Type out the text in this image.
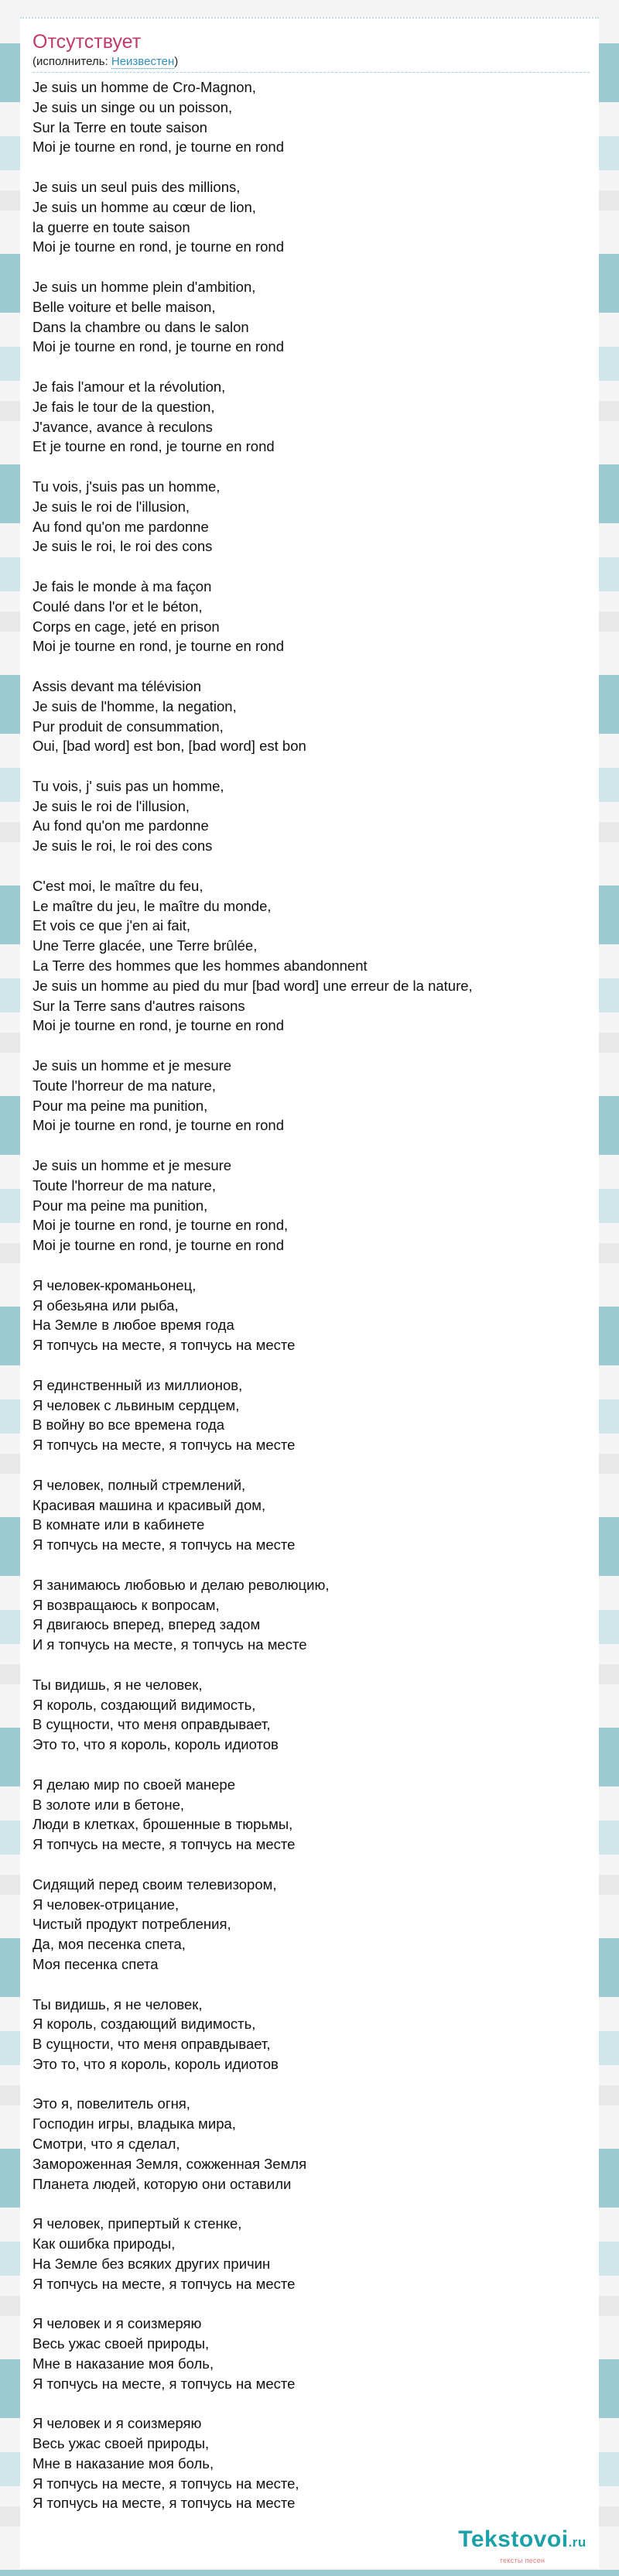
Отсутствует
(исполнитель: Неизвестен)
Je suis un homme de Cro-Magnon,
Je suis un singe ou un poisson,
Sur la Terre en toute saison
Moi je tourne en rond, je tourne en rond
Je suis un seul puis des millions,
Je suis un homme au cœur de lion,
la guerre en toute saison
Moi je tourne en rond, je tourne en rond
Je suis un homme plein d'ambition,
Belle voiture et belle maison,
Dans la chambre ou dans le salon
Moi je tourne en rond, je tourne en rond
Je fais l'amour et la révolution,
Je fais le tour de la question,
J'avance, avance à reculons
Et je tourne en rond, je tourne en rond
Tu vois, j'suis pas un homme,
Je suis le roi de l'illusion,
Au fond qu'on me pardonne
Je suis le roi, le roi des cons
Je fais le monde à ma façon
Coulé dans l'or et le béton,
Corps en cage, jeté en prison
Moi je tourne en rond, je tourne en rond
Assis devant ma télévision
Je suis de l'homme, la negation,
Pur produit de consummation,
Oui, [bad word] est bon, [bad word] est bon
Tu vois, j' suis pas un homme,
Je suis le roi de l'illusion,
Au fond qu'on me pardonne
Je suis le roi, le roi des cons
C'est moi, le maître du feu,
Le maître du jeu, le maître du monde,
Et vois ce que j'en ai fait,
Une Terre glacée, une Terre brûlée,
La Terre des hommes que les hommes abandonnent
Je suis un homme au pied du mur [bad word] une erreur de la nature,
Sur la Terre sans d'autres raisons
Moi je tourne en rond, je tourne en rond
Je suis un homme et je mesure
Toute l'horreur de ma nature,
Pour ma peine ma punition,
Moi je tourne en rond, je tourne en rond
Je suis un homme et je mesure
Toute l'horreur de ma nature,
Pour ma peine ma punition,
Moi je tourne en rond, je tourne en rond,
Moi je tourne en rond, je tourne en rond
Я человек-кроманьонец,
Я обезьяна или рыба,
На Земле в любое время года
Я топчусь на месте, я топчусь на месте
Я единственный из миллионов,
Я человек с львиным сердцем,
В войну во все времена года
Я топчусь на месте, я топчусь на месте
Я человек, полный стремлений,
Красивая машина и красивый дом,
В комнате или в кабинете
Я топчусь на месте, я топчусь на месте
Я занимаюсь любовью и делаю революцию,
Я возвращаюсь к вопросам,
Я двигаюсь вперед, вперед задом
И я топчусь на месте, я топчусь на месте
Ты видишь, я не человек,
Я король, создающий видимость,
В сущности, что меня оправдывает,
Это то, что я король, король идиотов
Я делаю мир по своей манере
В золоте или в бетоне,
Люди в клетках, брошенные в тюрьмы,
Я топчусь на месте, я топчусь на месте
Сидящий перед своим телевизором,
Я человек-отрицание,
Чистый продукт потребления,
Да, моя песенка спета,
Моя песенка спета
Ты видишь, я не человек,
Я король, создающий видимость,
В сущности, что меня оправдывает,
Это то, что я король, король идиотов
Это я, повелитель огня,
Господин игры, владыка мира,
Смотри, что я сделал,
Замороженная Земля, сожженная Земля
Планета людей, которую они оставили
Я человек, припертый к стенке,
Как ошибка природы,
На Земле без всяких других причин
Я топчусь на месте, я топчусь на месте
Я человек и я соизмеряю
Весь ужас своей природы,
Мне в наказание моя боль,
Я топчусь на месте, я топчусь на месте
Я человек и я соизмеряю
Весь ужас своей природы,
Мне в наказание моя боль,
Я топчусь на месте, я топчусь на месте,
Я топчусь на месте, я топчусь на месте
Tekstovoi.ru
тексты песен
